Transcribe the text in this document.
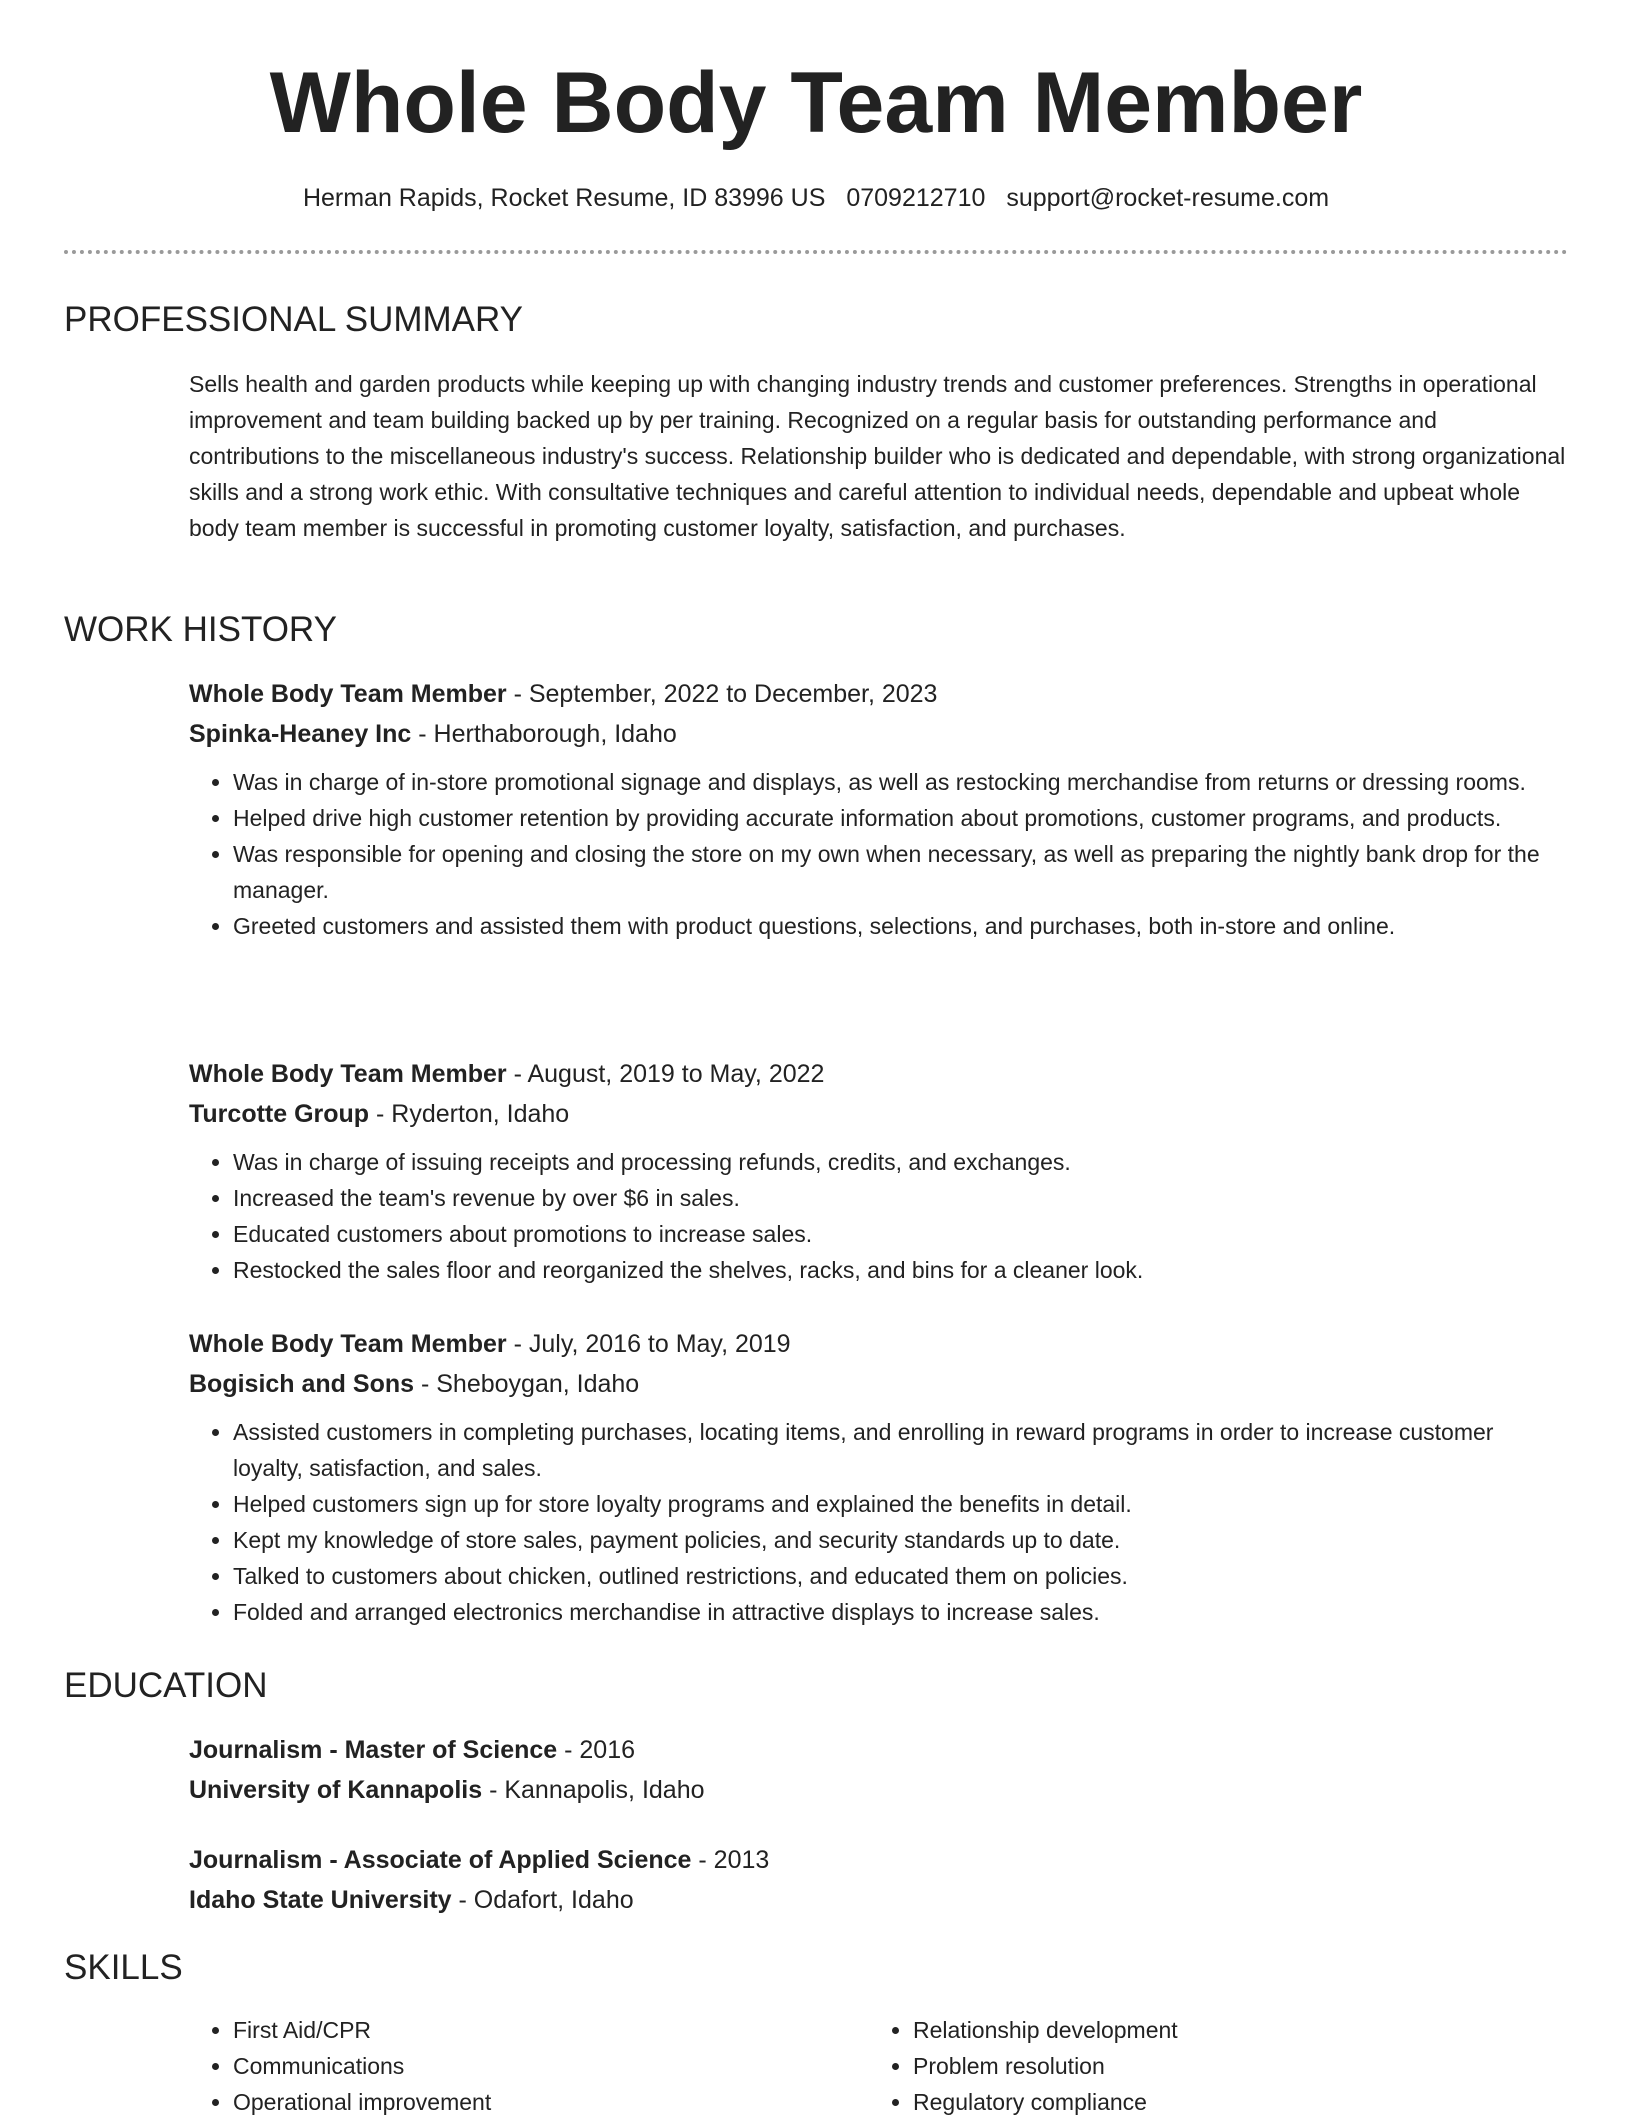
Whole Body Team Member
Herman Rapids, Rocket Resume, ID 83996 US 0709212710 support@rocket-resume.com
PROFESSIONAL SUMMARY

Sells health and garden products while keeping up with changing industry trends and customer preferences. Strengths in operational improvement and team building backed up by per training. Recognized on a regular basis for outstanding performance and contributions to the miscellaneous industry's success. Relationship builder who is dedicated and dependable, with strong organizational skills and a strong work ethic. With consultative techniques and careful attention to individual needs, dependable and upbeat whole body team member is successful in promoting customer loyalty, satisfaction, and purchases.

WORK HISTORY

Whole Body Team Member - September, 2022 to December, 2023

Spinka-Heaney Inc - Herthaborough, Idaho

• Was in charge of in-store promotional signage and displays, as well as restocking merchandise from returns or dressing rooms.
• Helped drive high customer retention by providing accurate information about promotions, customer programs, and products.
• Was responsible for opening and closing the store on my own when necessary, as well as preparing the nightly bank drop for the manager.
• Greeted customers and assisted them with product questions, selections, and purchases, both in-store and online.

Whole Body Team Member - August, 2019 to May, 2022

Turcotte Group - Ryderton, Idaho

• Was in charge of issuing receipts and processing refunds, credits, and exchanges.
• Increased the team's revenue by over $6 in sales.
• Educated customers about promotions to increase sales.
• Restocked the sales floor and reorganized the shelves, racks, and bins for a cleaner look.

Whole Body Team Member - July, 2016 to May, 2019

Bogisich and Sons - Sheboygan, Idaho

• Assisted customers in completing purchases, locating items, and enrolling in reward programs in order to increase customer loyalty, satisfaction, and sales.
• Helped customers sign up for store loyalty programs and explained the benefits in detail.
• Kept my knowledge of store sales, payment policies, and security standards up to date.
• Talked to customers about chicken, outlined restrictions, and educated them on policies.
• Folded and arranged electronics merchandise in attractive displays to increase sales.
EDUCATION

Journalism - Master of Science - 2016

University of Kannapolis - Kannapolis, Idaho

Journalism - Associate of Applied Science - 2013

Idaho State University - Odafort, Idaho

SKILLS
• First Aid/CPR
• Communications
• Operational improvement
• Relationship development
• Problem resolution
• Regulatory compliance
